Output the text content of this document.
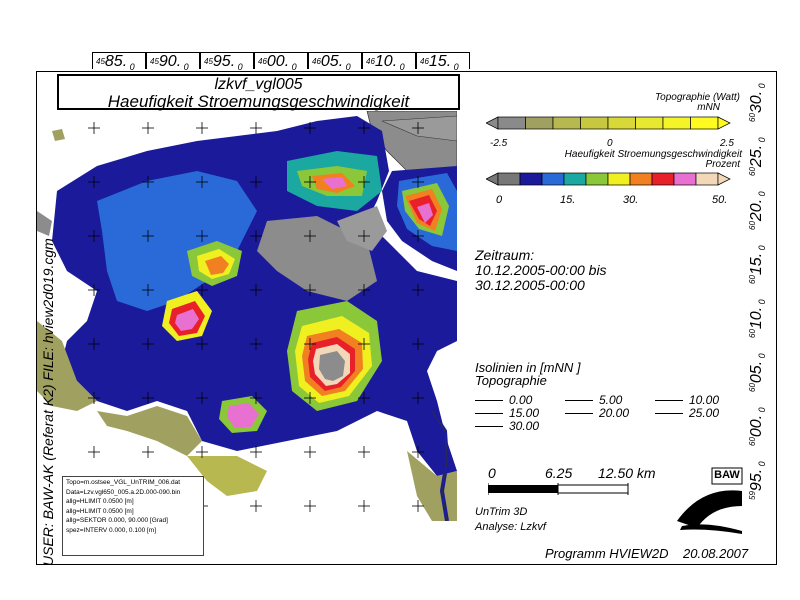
$^{45}$85. $_0$
$^{45}$90. $_0$
$^{45}$95. $_0$
$^{46}$00. $_0$
$^{46}$05. $_0$
$^{46}$10. $_0$
$^{46}$15. $_0$
$^{60}$30. $_0$
$^{60}$25. $_0$
$^{60}$20. $_0$
$^{60}$15. $_0$
$^{60}$10. $_0$
$^{60}$05. $_0$
$^{60}$00. $_0$
$^{59}$95. $_0$
lzkvf_vgl005
Haeufigkeit Stroemungsgeschwindigkeit
USER: BAW-AK (Referat K2) FILE: hview2d019.cgm
Topographie (Watt)
mNN
-2.5	0	2.5
Haeufigkeit Stroemungsgeschwindigkeit
Prozent
0	15.	30.	50.
Zeitraum:
10.12.2005-00:00 bis
30.12.2005-00:00
Isolinien in [mNN ]
Topographie
0.00	5.00	10.00
15.00	20.00	25.00
30.00
0	6.25 12.50 km
UnTrim 3D
Analyse: Lzkvf
BAW
Topo=m.ostsee_VGL_UnTRIM_006.dat
Data=Lzv.vgl650_005.a.2D.000-090.bin
allg=HLIMIT 0.0500 [m]
allg=HLIMIT 0.0500 [m]
allg=SEKTOR 0.000, 90.000 [Grad]
spez=INTERV 0.000, 0.100 [m]
Programm HVIEW2D 20.08.2007
